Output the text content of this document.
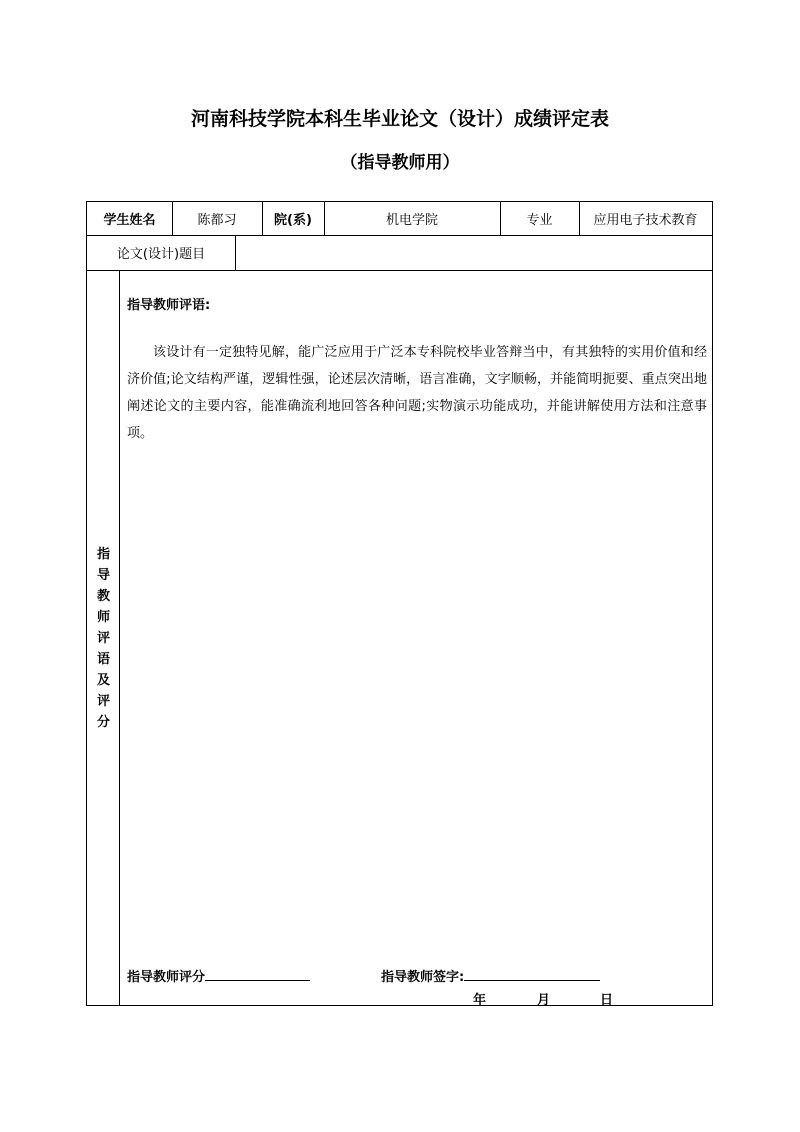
河南科技学院本科生毕业论文（设计）成绩评定表
（指导教师用）
学生姓名	陈都习	院(系)	机电学院	专业	应用电子技术教育
论文(设计)题目
指导教师评语及评分
指导教师评语:
该设计有一定独特见解，能广泛应用于广泛本专科院校毕业答辩当中，有其独特的实用价值和经济价值;论文结构严谨，逻辑性强，论述层次清晰，语言准确，文字顺畅，并能简明扼要、重点突出地阐述论文的主要内容，能准确流利地回答各种问题;实物演示功能成功，并能讲解使用方法和注意事项。
指导教师评分	指导教师签字:
年	月	日
